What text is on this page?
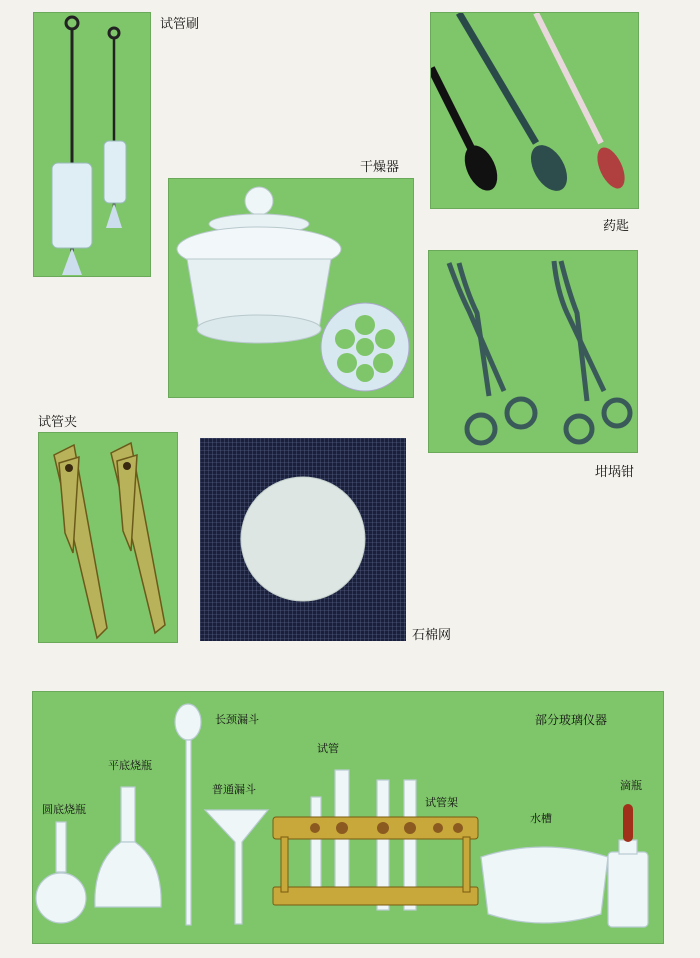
试管刷
药匙
干燥器
坩埚钳
试管夹
石棉网
部分玻璃仪器
长颈漏斗
平底烧瓶
圆底烧瓶
普通漏斗
试管
试管架
水槽
滴瓶
